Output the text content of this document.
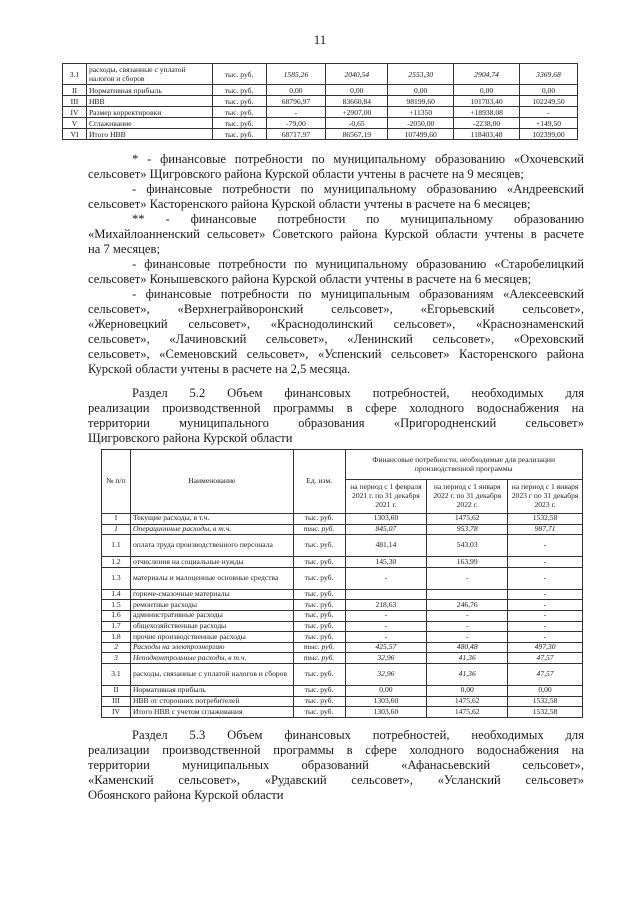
11
3.1	расходы, связанные с уплатой налогов и сборов	тыс. руб.	1585,26	2040,54	2553,30	2904,74	3369,68
II	Нормативная прибыль	тыс. руб.	0,00	0,00	0,00	0,00	0,00
III	НВВ	тыс. руб.	68796,97	83660,84	98199,60	101703,40	102249,50
IV	Размер корректировки	тыс. руб.	-	+2907,00	+11350	+18938,08	-
V	Сглаживание	тыс. руб.	-79,00	-0,65	-2050,00	-2238,00	+149,50
VI	Итого НВВ	тыс. руб.	68717,97	86567,19	107499,60	118403,48	102399,00
* - финансовые потребности по муниципальному образованию «Охочевский
сельсовет» Щигровского района Курской области учтены в расчете на 9 месяцев;
- финансовые потребности по муниципальному образованию «Андреевский
сельсовет» Касторенского района Курской области учтены в расчете на 6 месяцев;
** - финансовые потребности по муниципальному образованию
«Михайлоанненский сельсовет» Советского района Курской области учтены в расчете
на 7 месяцев;
- финансовые потребности по муниципальному образованию «Старобелицкий
сельсовет» Конышевского района Курской области учтены в расчете на 6 месяцев;
- финансовые потребности по муниципальным образованиям «Алексеевский
сельсовет», «Верхнеграйворонский сельсовет», «Егорьевский сельсовет»,
«Жерновецкий сельсовет», «Краснодолинский сельсовет», «Краснознаменский
сельсовет», «Лачиновский сельсовет», «Ленинский сельсовет», «Ореховский
сельсовет», «Семеновский сельсовет», «Успенский сельсовет» Касторенского района
Курской области учтены в расчете на 2,5 месяца.
Раздел 5.2 Объем финансовых потребностей, необходимых для
реализации производственной программы в сфере холодного водоснабжения на
территории муниципального образования «Пригородненский сельсовет»
Щигровского района Курской области
№ п/п	Наименование	Ед. изм.	Финансовые потребности, необходимые для реализации производственной программы		
			на период с 1 февраля 2021 г. по 31 декабря 2021 г.	на период с 1 января 2022 г. по 31 декабря 2022 г.	на период с 1 января 2023 г по 31 декабря 2023 г.
I	Текущие расходы, в т.ч.	тыс. руб.	1303,60	1475,62	1532,58
1	Операционные расходы, в т.ч.	тыс. руб.	845,07	953,78	987,71
1.1	оплата труда производственного персонала	тыс. руб.	481,14	543,03	-
1.2	отчисления на социальные нужды	тыс. руб.	145,30	163,99	-
1.3	материалы и малоценные основные средства	тыс. руб.	-	-	-
1.4	горюче-смазочные материалы	тыс. руб.			-
1.5	ремонтные расходы	тыс. руб.	218,63	246,76	-
1.6	административные расходы	тыс. руб.	-	-	-
1.7	общехозяйственные расходы	тыс. руб.	-	-	-
1.8	прочие производственные расходы	тыс. руб.	-	-	-
2	Расходы на электроэнергию	тыс. руб.	425,57	480,48	497,30
3	Неподконтрольные расходы, в т.ч.	тыс. руб.	32,96	41,36	47,57
3.1	расходы, связанные с уплатой налогов и сборов	тыс. руб.	32,96	41,36	47,57
II	Нормативная прибыль	тыс. руб.	0,00	0,00	0,00
III	НВВ от сторонних потребителей	тыс. руб.	1303,60	1475,62	1532,58
IV	Итого НВВ с учетом сглаживания	тыс. руб.	1303,60	1475,62	1532,58
Раздел 5.3 Объем финансовых потребностей, необходимых для
реализации производственной программы в сфере холодного водоснабжения на
территории муниципальных образований «Афанасьевский сельсовет»,
«Каменский сельсовет», «Рудавский сельсовет», «Усланский сельсовет»
Обоянского района Курской области
